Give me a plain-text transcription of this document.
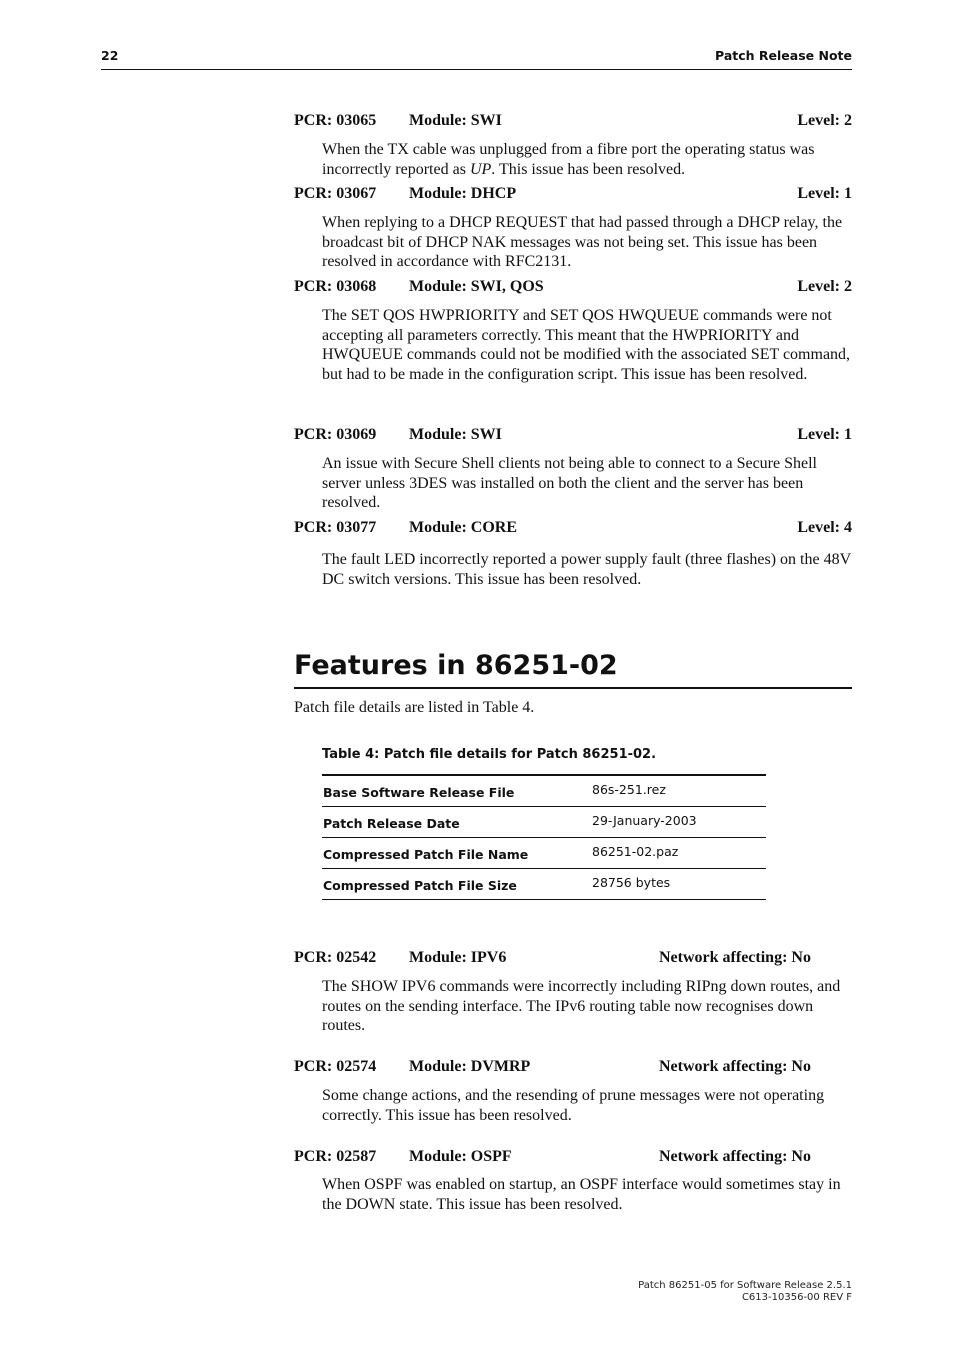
22	Patch Release Note
PCR: 03065 Module: SWI	Level: 2

When the TX cable was unplugged from a fibre port the operating status was incorrectly reported as UP. This issue has been resolved.

PCR: 03067 Module: DHCP	Level: 1

When replying to a DHCP REQUEST that had passed through a DHCP relay, the broadcast bit of DHCP NAK messages was not being set. This issue has been resolved in accordance with RFC2131.

PCR: 03068 Module: SWI, QOS	Level: 2

The SET QOS HWPRIORITY and SET QOS HWQUEUE commands were not accepting all parameters correctly. This meant that the HWPRIORITY and HWQUEUE commands could not be modified with the associated SET command, but had to be made in the configuration script. This issue has been resolved.

PCR: 03069 Module: SWI	Level: 1

An issue with Secure Shell clients not being able to connect to a Secure Shell server unless 3DES was installed on both the client and the server has been resolved.

PCR: 03077 Module: CORE	Level: 4

The fault LED incorrectly reported a power supply fault (three flashes) on the 48V DC switch versions. This issue has been resolved.

Features in 86251-02

Patch file details are listed in Table 4.

Table 4: Patch file details for Patch 86251-02.

Base Software Release File	86s-251.rez
Patch Release Date	29-January-2003
Compressed Patch File Name	86251-02.paz
Compressed Patch File Size	28756 bytes
PCR: 02542 Module: IPV6	Network affecting: No

The SHOW IPV6 commands were incorrectly including RIPng down routes, and routes on the sending interface. The IPv6 routing table now recognises down routes.

PCR: 02574 Module: DVMRP	Network affecting: No

Some change actions, and the resending of prune messages were not operating correctly. This issue has been resolved.

PCR: 02587 Module: OSPF	Network affecting: No

When OSPF was enabled on startup, an OSPF interface would sometimes stay in the DOWN state. This issue has been resolved.

Patch 86251-05 for Software Release 2.5.1
C613-10356-00 REV F
